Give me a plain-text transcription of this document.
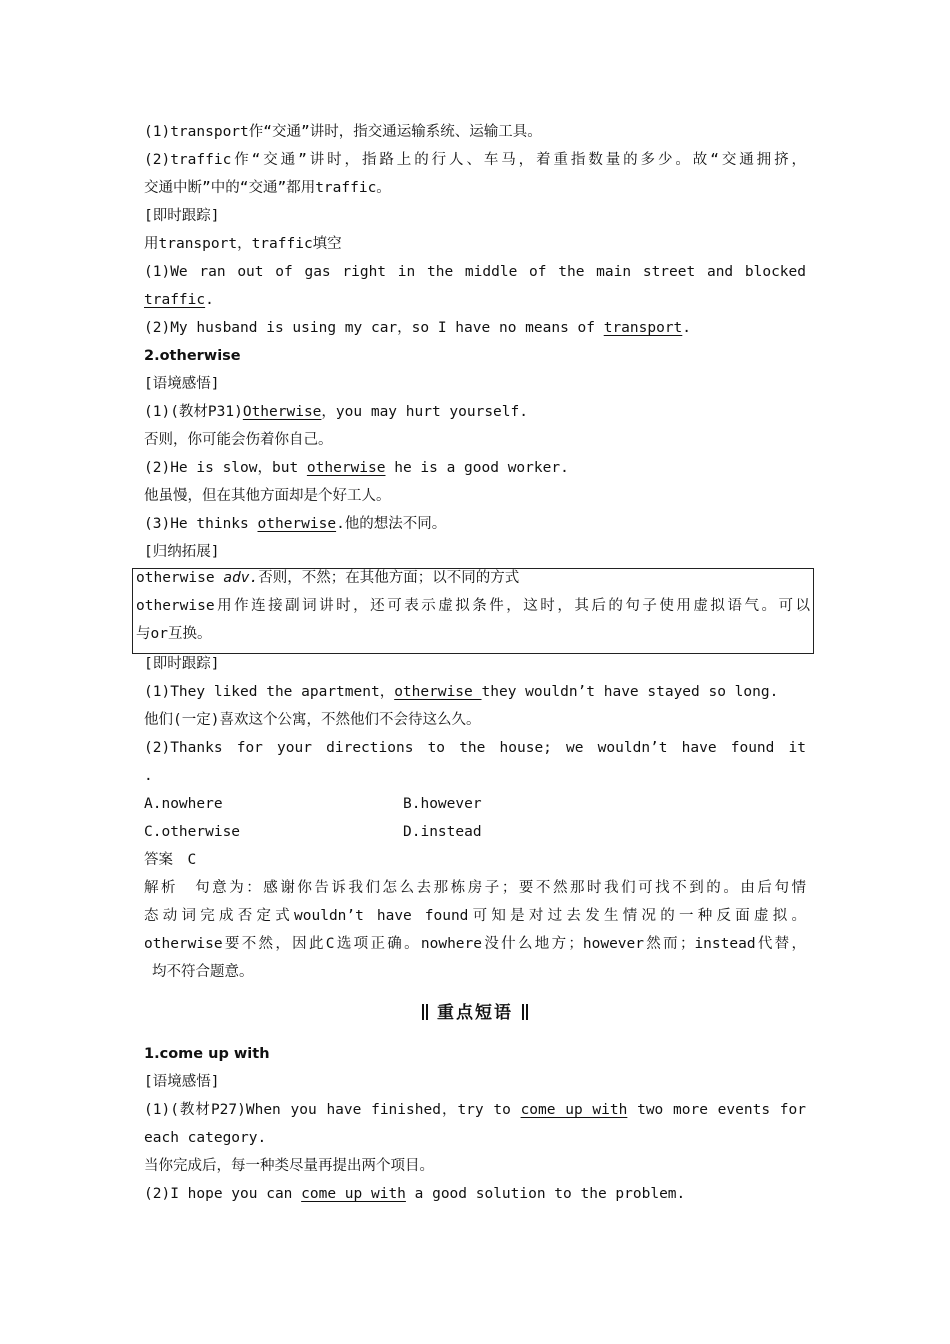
(1)transport作“交通”讲时，指交通运输系统、运输工具。
(2)traffic作“交通”讲时，指路上的行人、车马，着重指数量的多少。故“交通拥挤，
交通中断”中的“交通”都用traffic。
[即时跟踪]
用transport，traffic填空
(1)We ran out of gas right in the middle of the main street and blocked
traffic.
(2)My husband is using my car，so I have no means of transport.
2.otherwise
[语境感悟]
(1)(教材P31)Otherwise，you may hurt yourself.
否则，你可能会伤着你自己。
(2)He is slow，but otherwise he is a good worker.
他虽慢，但在其他方面却是个好工人。
(3)He thinks otherwise.他的想法不同。
[归纳拓展]
otherwise adv.否则，不然；在其他方面；以不同的方式
otherwise用作连接副词讲时，还可表示虚拟条件，这时，其后的句子使用虚拟语气。可以
与or互换。
[即时跟踪]
(1)They liked the apartment，otherwise they wouldn’t have stayed so long.
他们(一定)喜欢这个公寓，不然他们不会待这么久。
(2)Thanks for your directions to the house; we wouldn’t have found it
.
A.nowhere	B.however
C.otherwise	D.instead
答案　C
解析　句意为：感谢你告诉我们怎么去那栋房子；要不然那时我们可找不到的。由后句情
态动词完成否定式wouldn’t have found可知是对过去发生情况的一种反面虚拟。
otherwise要不然，因此C选项正确。nowhere没什么地方；however然而；instead代替，
均不符合题意。
重点短语
1.come up with
[语境感悟]
(1)(教材P27)When you have finished，try to come up with two more events for
each category.
当你完成后，每一种类尽量再提出两个项目。
(2)I hope you can come up with a good solution to the problem.
